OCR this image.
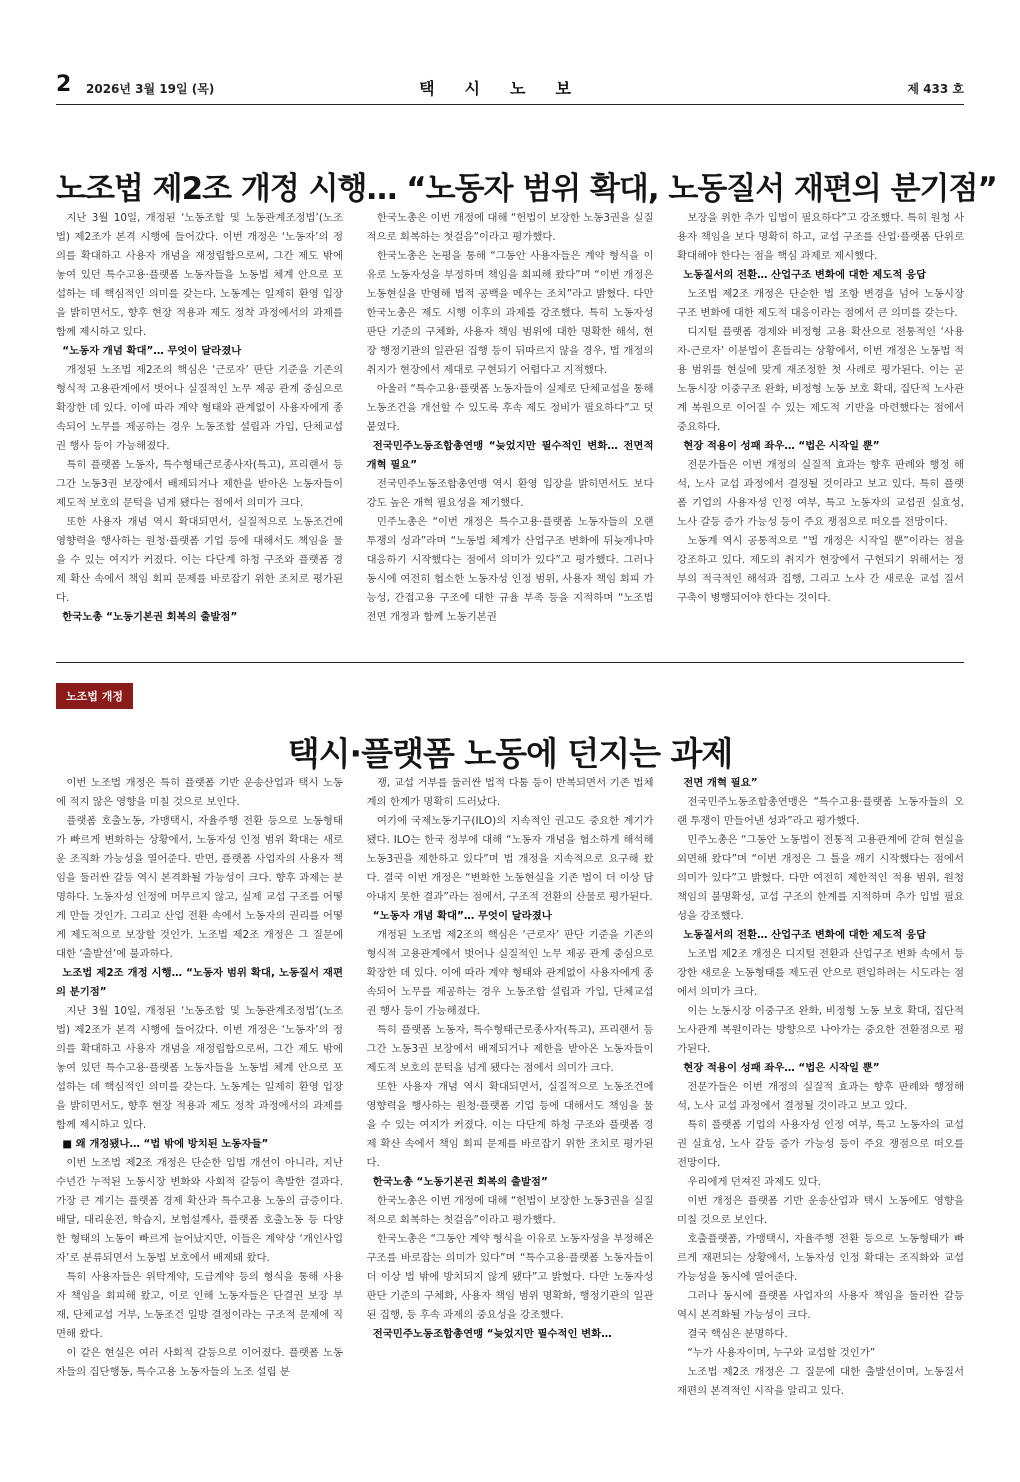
2 2026년 3월 19일 (목)	택시노보	제 433 호
노조법 제2조 개정 시행… “노동자 범위 확대, 노동질서 재편의 분기점”

지난 3월 10일, 개정된 ‘노동조합 및 노동관계조정법’(노조법) 제2조가 본격 시행에 들어갔다. 이번 개정은 ‘노동자’의 정의를 확대하고 사용자 개념을 재정립함으로써, 그간 제도 밖에 놓여 있던 특수고용·플랫폼 노동자들을 노동법 체계 안으로 포섭하는 데 핵심적인 의미를 갖는다. 노동계는 일제히 환영 입장을 밝히면서도, 향후 현장 적용과 제도 정착 과정에서의 과제를 함께 제시하고 있다.

“노동자 개념 확대”… 무엇이 달라졌나

개정된 노조법 제2조의 핵심은 ‘근로자’ 판단 기준을 기존의 형식적 고용관계에서 벗어나 실질적인 노무 제공 관계 중심으로 확장한 데 있다. 이에 따라 계약 형태와 관계없이 사용자에게 종속되어 노무를 제공하는 경우 노동조합 설립과 가입, 단체교섭권 행사 등이 가능해졌다.

특히 플랫폼 노동자, 특수형태근로종사자(특고), 프리랜서 등 그간 노동3권 보장에서 배제되거나 제한을 받아온 노동자들이 제도적 보호의 문턱을 넘게 됐다는 점에서 의미가 크다.

또한 사용자 개념 역시 확대되면서, 실질적으로 노동조건에 영향력을 행사하는 원청·플랫폼 기업 등에 대해서도 책임을 물을 수 있는 여지가 커졌다. 이는 다단계 하청 구조와 플랫폼 경제 확산 속에서 책임 회피 문제를 바로잡기 위한 조치로 평가된다.

한국노총 “노동기본권 회복의 출발점”

한국노총은 이번 개정에 대해 “헌법이 보장한 노동3권을 실질적으로 회복하는 첫걸음”이라고 평가했다.

한국노총은 논평을 통해 “그동안 사용자들은 계약 형식을 이유로 노동자성을 부정하며 책임을 회피해 왔다”며 “이번 개정은 노동현실을 반영해 법적 공백을 메우는 조치”라고 밝혔다. 다만 한국노총은 제도 시행 이후의 과제를 강조했다. 특히 노동자성 판단 기준의 구체화, 사용자 책임 범위에 대한 명확한 해석, 현장 행정기관의 일관된 집행 등이 뒤따르지 않을 경우, 법 개정의 취지가 현장에서 제대로 구현되기 어렵다고 지적했다.

아울러 “특수고용·플랫폼 노동자들이 실제로 단체교섭을 통해 노동조건을 개선할 수 있도록 후속 제도 정비가 필요하다”고 덧붙였다.

전국민주노동조합총연맹 “늦었지만 필수적인 변화… 전면적 개혁 필요”

전국민주노동조합총연맹 역시 환영 입장을 밝히면서도 보다 강도 높은 개혁 필요성을 제기했다.

민주노총은 “이번 개정은 특수고용·플랫폼 노동자들의 오랜 투쟁의 성과”라며 “노동법 체계가 산업구조 변화에 뒤늦게나마 대응하기 시작했다는 점에서 의미가 있다”고 평가했다. 그러나 동시에 여전히 협소한 노동자성 인정 범위, 사용자 책임 회피 가능성, 간접고용 구조에 대한 규율 부족 등을 지적하며 “노조법 전면 개정과 함께 노동기본권

보장을 위한 추가 입법이 필요하다”고 강조했다. 특히 원청 사용자 책임을 보다 명확히 하고, 교섭 구조를 산업·플랫폼 단위로 확대해야 한다는 점을 핵심 과제로 제시했다.

노동질서의 전환… 산업구조 변화에 대한 제도적 응답

노조법 제2조 개정은 단순한 법 조항 변경을 넘어 노동시장 구조 변화에 대한 제도적 대응이라는 점에서 큰 의미를 갖는다.

디지털 플랫폼 경제와 비정형 고용 확산으로 전통적인 ‘사용자-근로자’ 이분법이 흔들리는 상황에서, 이번 개정은 노동법 적용 범위를 현실에 맞게 재조정한 첫 사례로 평가된다. 이는 곧 노동시장 이중구조 완화, 비정형 노동 보호 확대, 집단적 노사관계 복원으로 이어질 수 있는 제도적 기반을 마련했다는 점에서 중요하다.

현장 적용이 성패 좌우… “법은 시작일 뿐”

전문가들은 이번 개정의 실질적 효과는 향후 판례와 행정 해석, 노사 교섭 과정에서 결정될 것이라고 보고 있다. 특히 플랫폼 기업의 사용자성 인정 여부, 특고 노동자의 교섭권 실효성, 노사 갈등 증가 가능성 등이 주요 쟁점으로 떠오를 전망이다.

노동계 역시 공통적으로 “법 개정은 시작일 뿐”이라는 점을 강조하고 있다. 제도의 취지가 현장에서 구현되기 위해서는 정부의 적극적인 해석과 집행, 그리고 노사 간 새로운 교섭 질서 구축이 병행되어야 한다는 것이다.

노조법 개정
택시·플랫폼 노동에 던지는 과제

이번 노조법 개정은 특히 플랫폼 기반 운송산업과 택시 노동에 적지 않은 영향을 미칠 것으로 보인다.

플랫폼 호출노동, 가맹택시, 자율주행 전환 등으로 노동형태가 빠르게 변화하는 상황에서, 노동자성 인정 범위 확대는 새로운 조직화 가능성을 열어준다. 반면, 플랫폼 사업자의 사용자 책임을 둘러싼 갈등 역시 본격화될 가능성이 크다. 향후 과제는 분명하다. 노동자성 인정에 머무르지 않고, 실제 교섭 구조를 어떻게 만들 것인가. 그리고 산업 전환 속에서 노동자의 권리를 어떻게 제도적으로 보장할 것인가. 노조법 제2조 개정은 그 질문에 대한 ‘출발선’에 불과하다.

노조법 제2조 개정 시행… “노동자 범위 확대, 노동질서 재편의 분기점”

지난 3월 10일, 개정된 ‘노동조합 및 노동관계조정법’(노조법) 제2조가 본격 시행에 들어갔다. 이번 개정은 ‘노동자’의 정의를 확대하고 사용자 개념을 재정립함으로써, 그간 제도 밖에 놓여 있던 특수고용·플랫폼 노동자들을 노동법 체계 안으로 포섭하는 데 핵심적인 의미를 갖는다. 노동계는 일제히 환영 입장을 밝히면서도, 향후 현장 적용과 제도 정착 과정에서의 과제를 함께 제시하고 있다.

■ 왜 개정됐나… “법 밖에 방치된 노동자들”

이번 노조법 제2조 개정은 단순한 입법 개선이 아니라, 지난 수년간 누적된 노동시장 변화와 사회적 갈등이 촉발한 결과다. 가장 큰 계기는 플랫폼 경제 확산과 특수고용 노동의 급증이다. 배달, 대리운전, 학습지, 보험설계사, 플랫폼 호출노동 등 다양한 형태의 노동이 빠르게 늘어났지만, 이들은 계약상 ‘개인사업자’로 분류되면서 노동법 보호에서 배제돼 왔다.

특히 사용자들은 위탁계약, 도급계약 등의 형식을 통해 사용자 책임을 회피해 왔고, 이로 인해 노동자들은 단결권 보장 부재, 단체교섭 거부, 노동조건 일방 결정이라는 구조적 문제에 직면해 왔다.

이 같은 현실은 여러 사회적 갈등으로 이어졌다. 플랫폼 노동자들의 집단행동, 특수고용 노동자들의 노조 설립 분

쟁, 교섭 거부를 둘러싼 법적 다툼 등이 반복되면서 기존 법체계의 한계가 명확히 드러났다.

여기에 국제노동기구(ILO)의 지속적인 권고도 중요한 계기가 됐다. ILO는 한국 정부에 대해 “노동자 개념을 협소하게 해석해 노동3권을 제한하고 있다”며 법 개정을 지속적으로 요구해 왔다. 결국 이번 개정은 “변화한 노동현실을 기존 법이 더 이상 담아내지 못한 결과”라는 점에서, 구조적 전환의 산물로 평가된다.

“노동자 개념 확대”… 무엇이 달라졌나

개정된 노조법 제2조의 핵심은 ‘근로자’ 판단 기준을 기존의 형식적 고용관계에서 벗어나 실질적인 노무 제공 관계 중심으로 확장한 데 있다. 이에 따라 계약 형태와 관계없이 사용자에게 종속되어 노무를 제공하는 경우 노동조합 설립과 가입, 단체교섭권 행사 등이 가능해졌다.

특히 플랫폼 노동자, 특수형태근로종사자(특고), 프리랜서 등 그간 노동3권 보장에서 배제되거나 제한을 받아온 노동자들이 제도적 보호의 문턱을 넘게 됐다는 점에서 의미가 크다.

또한 사용자 개념 역시 확대되면서, 실질적으로 노동조건에 영향력을 행사하는 원청·플랫폼 기업 등에 대해서도 책임을 물을 수 있는 여지가 커졌다. 이는 다단계 하청 구조와 플랫폼 경제 확산 속에서 책임 회피 문제를 바로잡기 위한 조치로 평가된다.

한국노총 “노동기본권 회복의 출발점”

한국노총은 이번 개정에 대해 “헌법이 보장한 노동3권을 실질적으로 회복하는 첫걸음”이라고 평가했다.

한국노총은 “그동안 계약 형식을 이유로 노동자성을 부정해온 구조를 바로잡는 의미가 있다”며 “특수고용·플랫폼 노동자들이 더 이상 법 밖에 방치되지 않게 됐다”고 밝혔다. 다만 노동자성 판단 기준의 구체화, 사용자 책임 범위 명확화, 행정기관의 일관된 집행, 등 후속 과제의 중요성을 강조했다.

전국민주노동조합총연맹 “늦었지만 필수적인 변화…

전면 개혁 필요”

전국민주노동조합총연맹은 “특수고용·플랫폼 노동자들의 오랜 투쟁이 만들어낸 성과”라고 평가했다.

민주노총은 “그동안 노동법이 전통적 고용관계에 갇혀 현실을 외면해 왔다”며 “이번 개정은 그 틀을 깨기 시작했다는 점에서 의미가 있다”고 밝혔다. 다만 여전히 제한적인 적용 범위, 원청 책임의 불명확성, 교섭 구조의 한계를 지적하며 추가 입법 필요성을 강조했다.

노동질서의 전환… 산업구조 변화에 대한 제도적 응답

노조법 제2조 개정은 디지털 전환과 산업구조 변화 속에서 등장한 새로운 노동형태를 제도권 안으로 편입하려는 시도라는 점에서 의미가 크다.

이는 노동시장 이중구조 완화, 비정형 노동 보호 확대, 집단적 노사관계 복원이라는 방향으로 나아가는 중요한 전환점으로 평가된다.

현장 적용이 성패 좌우… “법은 시작일 뿐”

전문가들은 이번 개정의 실질적 효과는 향후 판례와 행정해석, 노사 교섭 과정에서 결정될 것이라고 보고 있다.

특히 플랫폼 기업의 사용자성 인정 여부, 특고 노동자의 교섭권 실효성, 노사 갈등 증가 가능성 등이 주요 쟁점으로 떠오를 전망이다.

우리에게 던져진 과제도 있다.

이번 개정은 플랫폼 기반 운송산업과 택시 노동에도 영향을 미칠 것으로 보인다.

호출플랫폼, 가맹택시, 자율주행 전환 등으로 노동형태가 빠르게 재편되는 상황에서, 노동자성 인정 확대는 조직화와 교섭 가능성을 동시에 열어준다.

그러나 동시에 플랫폼 사업자의 사용자 책임을 둘러싼 갈등 역시 본격화될 가능성이 크다.

결국 핵심은 분명하다.

“누가 사용자이며, 누구와 교섭할 것인가”

노조법 제2조 개정은 그 질문에 대한 출발선이며, 노동질서 재편의 본격적인 시작을 알리고 있다.
